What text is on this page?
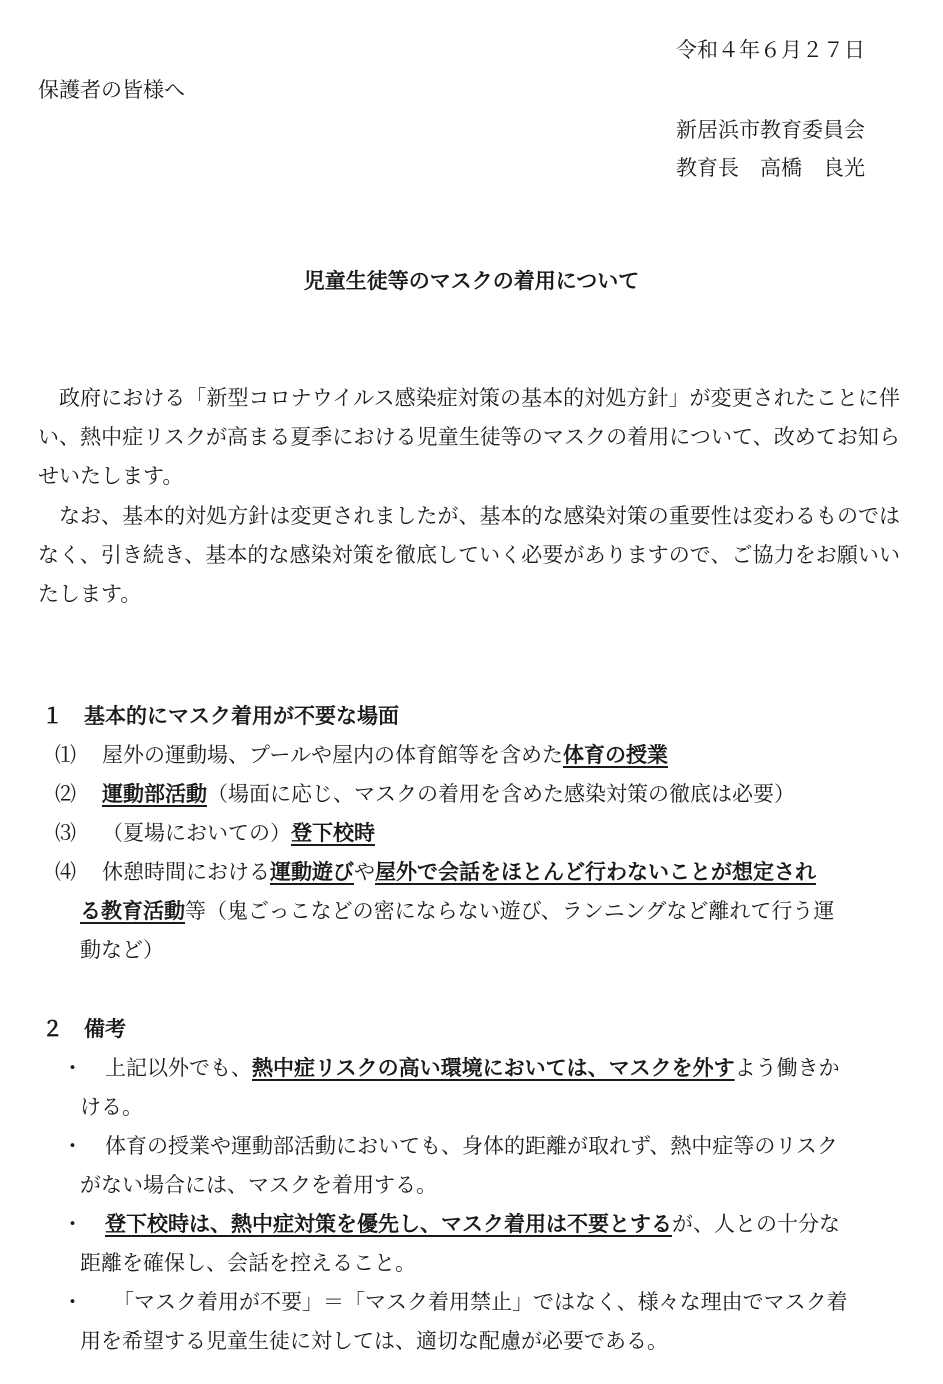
令和４年６月２７日
保護者の皆様へ
新居浜市教育委員会
教育長　高橋　良光
児童生徒等のマスクの着用について
政府における「新型コロナウイルス感染症対策の基本的対処方針」が変更されたことに伴い、熱中症リスクが高まる夏季における児童生徒等のマスクの着用について、改めてお知らせいたします。
なお、基本的対処方針は変更されましたが、基本的な感染対策の重要性は変わるものではなく、引き続き、基本的な感染対策を徹底していく必要がありますので、ご協力をお願いいたします。
１　基本的にマスク着用が不要な場面
⑴ 屋外の運動場、プールや屋内の体育館等を含めた体育の授業
⑵ 運動部活動（場面に応じ、マスクの着用を含めた感染対策の徹底は必要）
⑶ （夏場においての）登下校時
⑷ 休憩時間における運動遊びや屋外で会話をほとんど行わないことが想定され
る教育活動等（鬼ごっこなどの密にならない遊び、ランニングなど離れて行う運
動など）
２　備考
・ 上記以外でも、熱中症リスクの高い環境においては、マスクを外すよう働きか
ける。
・ 体育の授業や運動部活動においても、身体的距離が取れず、熱中症等のリスク
がない場合には、マスクを着用する。
・ 登下校時は、熱中症対策を優先し、マスク着用は不要とするが、人との十分な
距離を確保し、会話を控えること。
・ 「マスク着用が不要」＝「マスク着用禁止」ではなく、様々な理由でマスク着
用を希望する児童生徒に対しては、適切な配慮が必要である。
